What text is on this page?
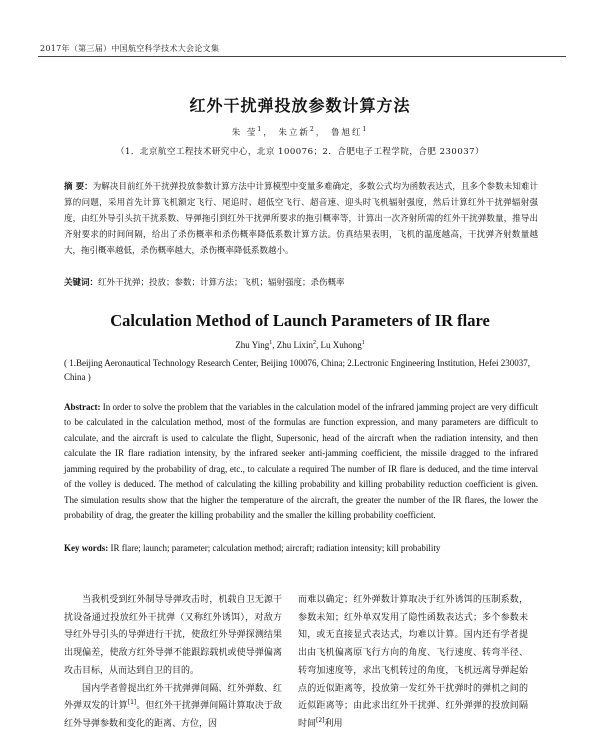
2017年（第三届）中国航空科学技术大会论文集
红外干扰弹投放参数计算方法
朱 莹$^1$， 朱立新$^2$， 鲁旭红$^1$
（1．北京航空工程技术研究中心，北京 100076；2．合肥电子工程学院，合肥 230037）
摘 要：为解决目前红外干扰弹投放参数计算方法中计算模型中变量多难确定，多数公式均为函数表达式，且多个参数未知难计算的问题，采用首先计算飞机额定飞行、尾追时、超低空飞行、超音速、迎头时飞机辐射强度，然后计算红外干扰弹辐射强度，由红外导引头抗干扰系数、导弹拖引到红外干扰弹所要求的拖引概率等，计算出一次齐射所需的红外干扰弹数量，推导出齐射要求的时间间隔，给出了杀伤概率和杀伤概率降低系数计算方法。仿真结果表明，飞机的温度越高，干扰弹齐射数量越大，拖引概率越低，杀伤概率越大，杀伤概率降低系数越小。
关键词：红外干扰弹；投放；参数；计算方法；飞机；辐射强度；杀伤概率
Calculation Method of Launch Parameters of IR flare
Zhu Ying$^1$, Zhu Lixin$^2$, Lu Xuhong$^1$
( 1.Beijing Aeronautical Technology Research Center, Beijing 100076, China; 2.Lectronic Engineering Institution, Hefei 230037, China )
Abstract: In order to solve the problem that the variables in the calculation model of the infrared jamming project are very difficult to be calculated in the calculation method, most of the formulas are function expression, and many parameters are difficult to calculate, and the aircraft is used to calculate the flight, Supersonic, head of the aircraft when the radiation intensity, and then calculate the IR flare radiation intensity, by the infrared seeker anti-jamming coefficient, the missile dragged to the infrared jamming required by the probability of drag, etc., to calculate a required The number of IR flare is deduced, and the time interval of the volley is deduced. The method of calculating the killing probability and killing probability reduction coefficient is given. The simulation results show that the higher the temperature of the aircraft, the greater the number of the IR flares, the lower the probability of drag, the greater the killing probability and the smaller the killing probability coefficient.
Key words: IR flare; launch; parameter; calculation method; aircraft; radiation intensity; kill probability

当我机受到红外制导导弹攻击时，机载自卫无源干扰设备通过投放红外干扰弹（又称红外诱饵），对敌方导红外导引头的导弹进行干扰，使敌红外导弹探测结果出现偏差，使敌方红外导弹不能跟踪载机或使导弹偏离攻击目标，从而达到自卫的目的。

国内学者曾提出红外干扰弹弹间隔、红外弹数、红外弹双发的计算[1]。但红外干扰弹弹间隔计算取决于敌红外导弹参数和变化的距离、方位，因

而难以确定；红外弹数计算取决于红外诱饵的压制系数，参数未知；红外单双发用了隐性函数表达式；多个参数未知，或无直接显式表达式，均难以计算。国内还有学者提出由飞机偏离原飞行方向的角度、飞行速度、转弯半径、转弯加速度等，求出飞机转过的角度，飞机远离导弹起始点的近似距离等，投放第一发红外干扰弹时的弹机之间的近似距离等；由此求出红外干扰弹、红外弹弹的投放间隔时间[2]利用
